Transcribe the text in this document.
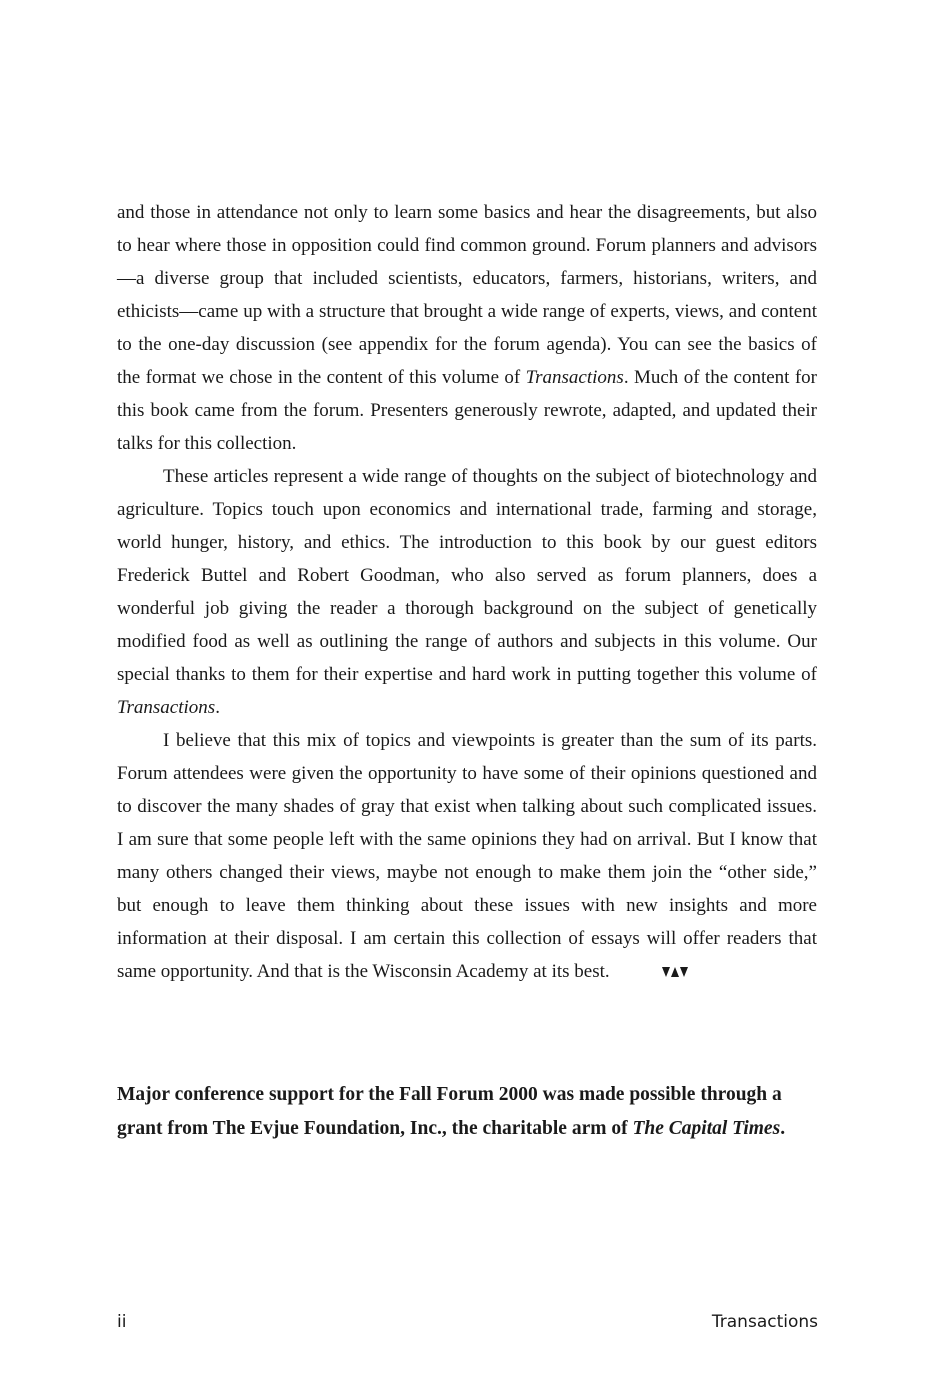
and those in attendance not only to learn some basics and hear the disagreements, but also to hear where those in opposition could find common ground. Forum planners and advisors—a diverse group that included scientists, educators, farmers, historians, writers, and ethicists—came up with a structure that brought a wide range of experts, views, and content to the one-day discussion (see appendix for the forum agenda). You can see the basics of the format we chose in the content of this volume of Transactions. Much of the content for this book came from the forum. Presenters generously rewrote, adapted, and updated their talks for this collection.

These articles represent a wide range of thoughts on the subject of biotechnology and agriculture. Topics touch upon economics and international trade, farming and storage, world hunger, history, and ethics. The introduction to this book by our guest editors Frederick Buttel and Robert Goodman, who also served as forum planners, does a wonderful job giving the reader a thorough background on the subject of genetically modified food as well as outlining the range of authors and subjects in this volume. Our special thanks to them for their expertise and hard work in putting together this volume of Transactions.

I believe that this mix of topics and viewpoints is greater than the sum of its parts. Forum attendees were given the opportunity to have some of their opinions questioned and to discover the many shades of gray that exist when talking about such complicated issues. I am sure that some people left with the same opinions they had on arrival. But I know that many others changed their views, maybe not enough to make them join the “other side,” but enough to leave them thinking about these issues with new insights and more information at their disposal. I am certain this collection of essays will offer readers that same opportunity. And that is the Wisconsin Academy at its best.

Major conference support for the Fall Forum 2000 was made possible through a grant from The Evjue Foundation, Inc., the charitable arm of The Capital Times.

ii	Transactions
